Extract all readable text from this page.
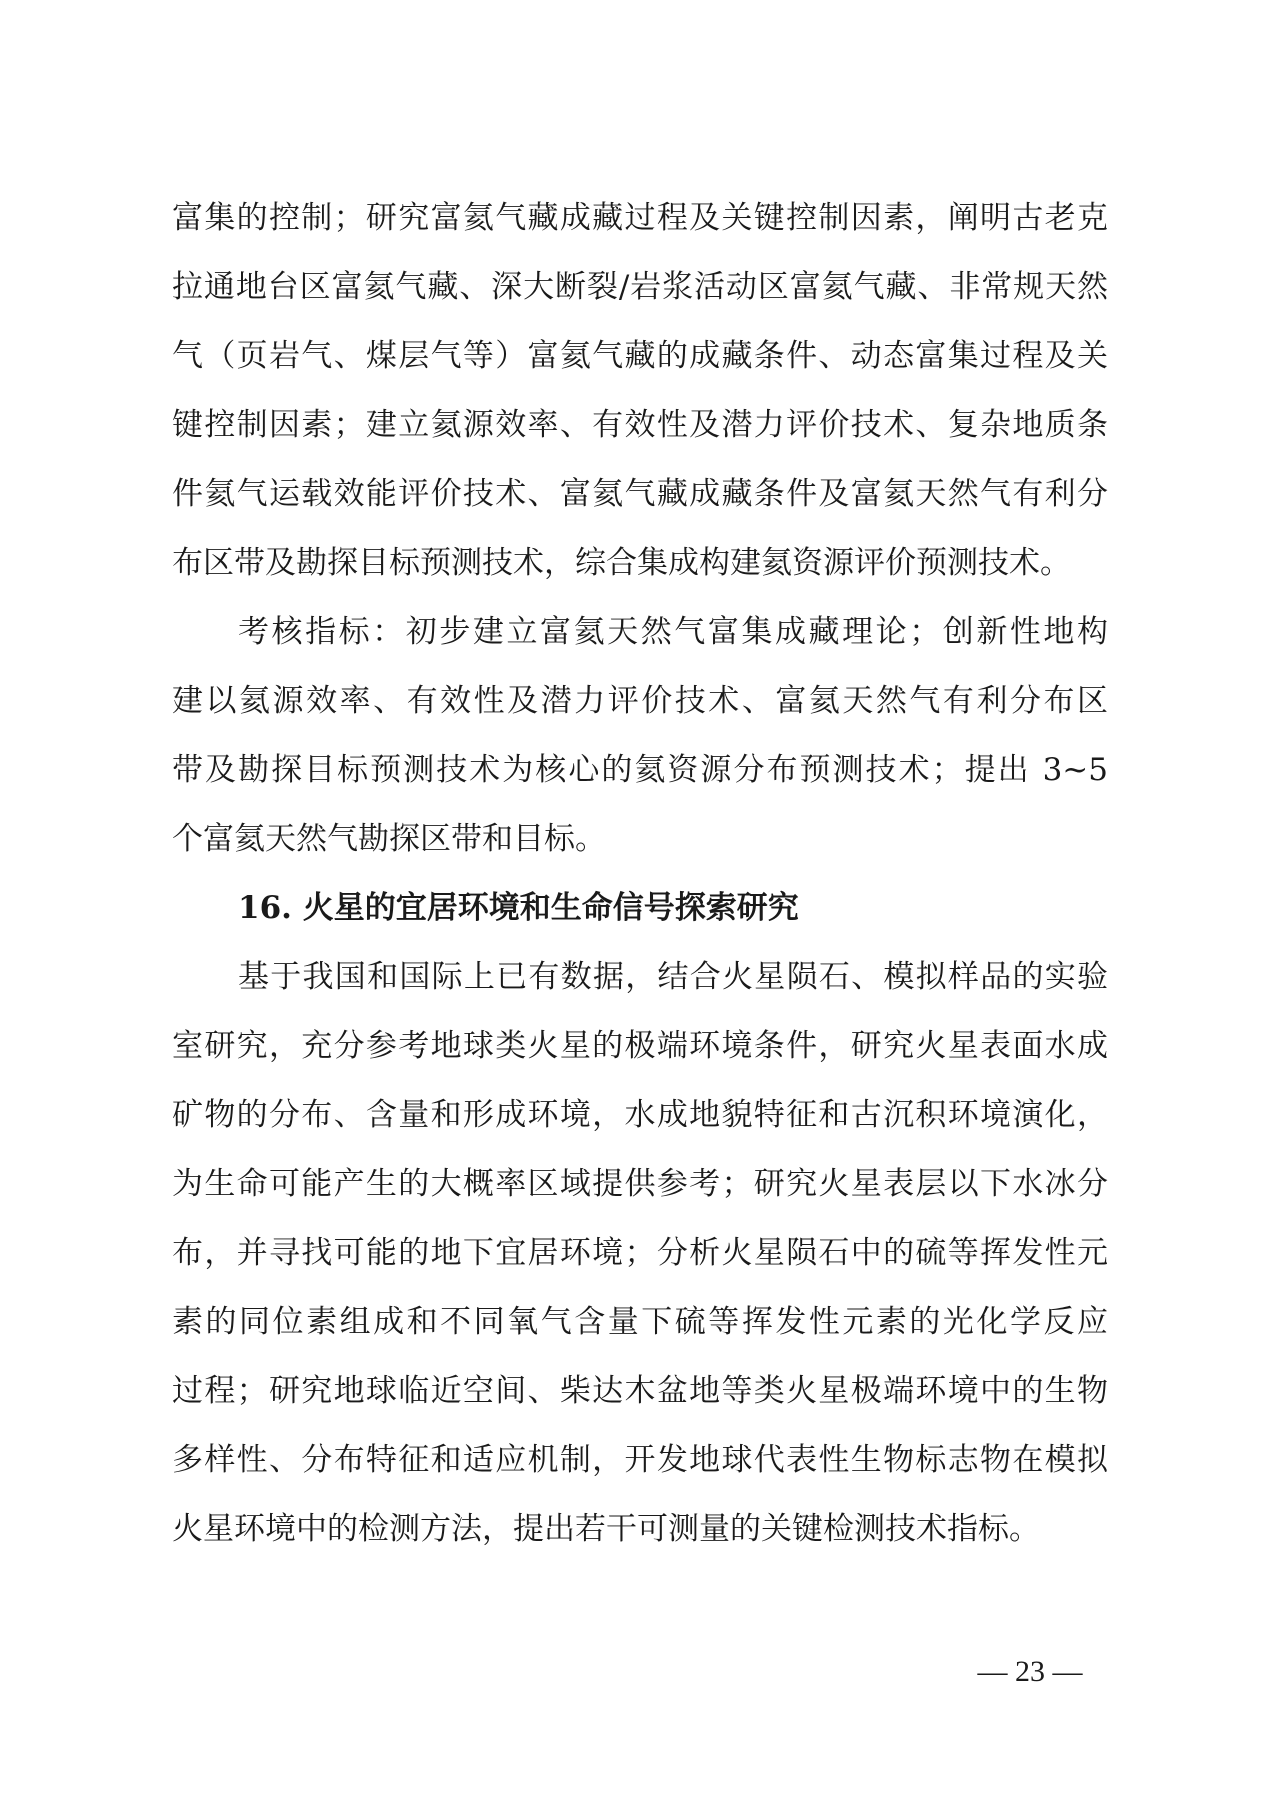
富集的控制；研究富氦气藏成藏过程及关键控制因素，阐明古老克
拉通地台区富氦气藏、深大断裂/岩浆活动区富氦气藏、非常规天然
气（页岩气、煤层气等）富氦气藏的成藏条件、动态富集过程及关
键控制因素；建立氦源效率、有效性及潜力评价技术、复杂地质条
件氦气运载效能评价技术、富氦气藏成藏条件及富氦天然气有利分
布区带及勘探目标预测技术，综合集成构建氦资源评价预测技术。
考核指标：初步建立富氦天然气富集成藏理论；创新性地构
建以氦源效率、有效性及潜力评价技术、富氦天然气有利分布区
带及勘探目标预测技术为核心的氦资源分布预测技术；提出 3~5
个富氦天然气勘探区带和目标。
16. 火星的宜居环境和生命信号探索研究
基于我国和国际上已有数据，结合火星陨石、模拟样品的实验
室研究，充分参考地球类火星的极端环境条件，研究火星表面水成
矿物的分布、含量和形成环境，水成地貌特征和古沉积环境演化，
为生命可能产生的大概率区域提供参考；研究火星表层以下水冰分
布，并寻找可能的地下宜居环境；分析火星陨石中的硫等挥发性元
素的同位素组成和不同氧气含量下硫等挥发性元素的光化学反应
过程；研究地球临近空间、柴达木盆地等类火星极端环境中的生物
多样性、分布特征和适应机制，开发地球代表性生物标志物在模拟
火星环境中的检测方法，提出若干可测量的关键检测技术指标。
— 23 —
